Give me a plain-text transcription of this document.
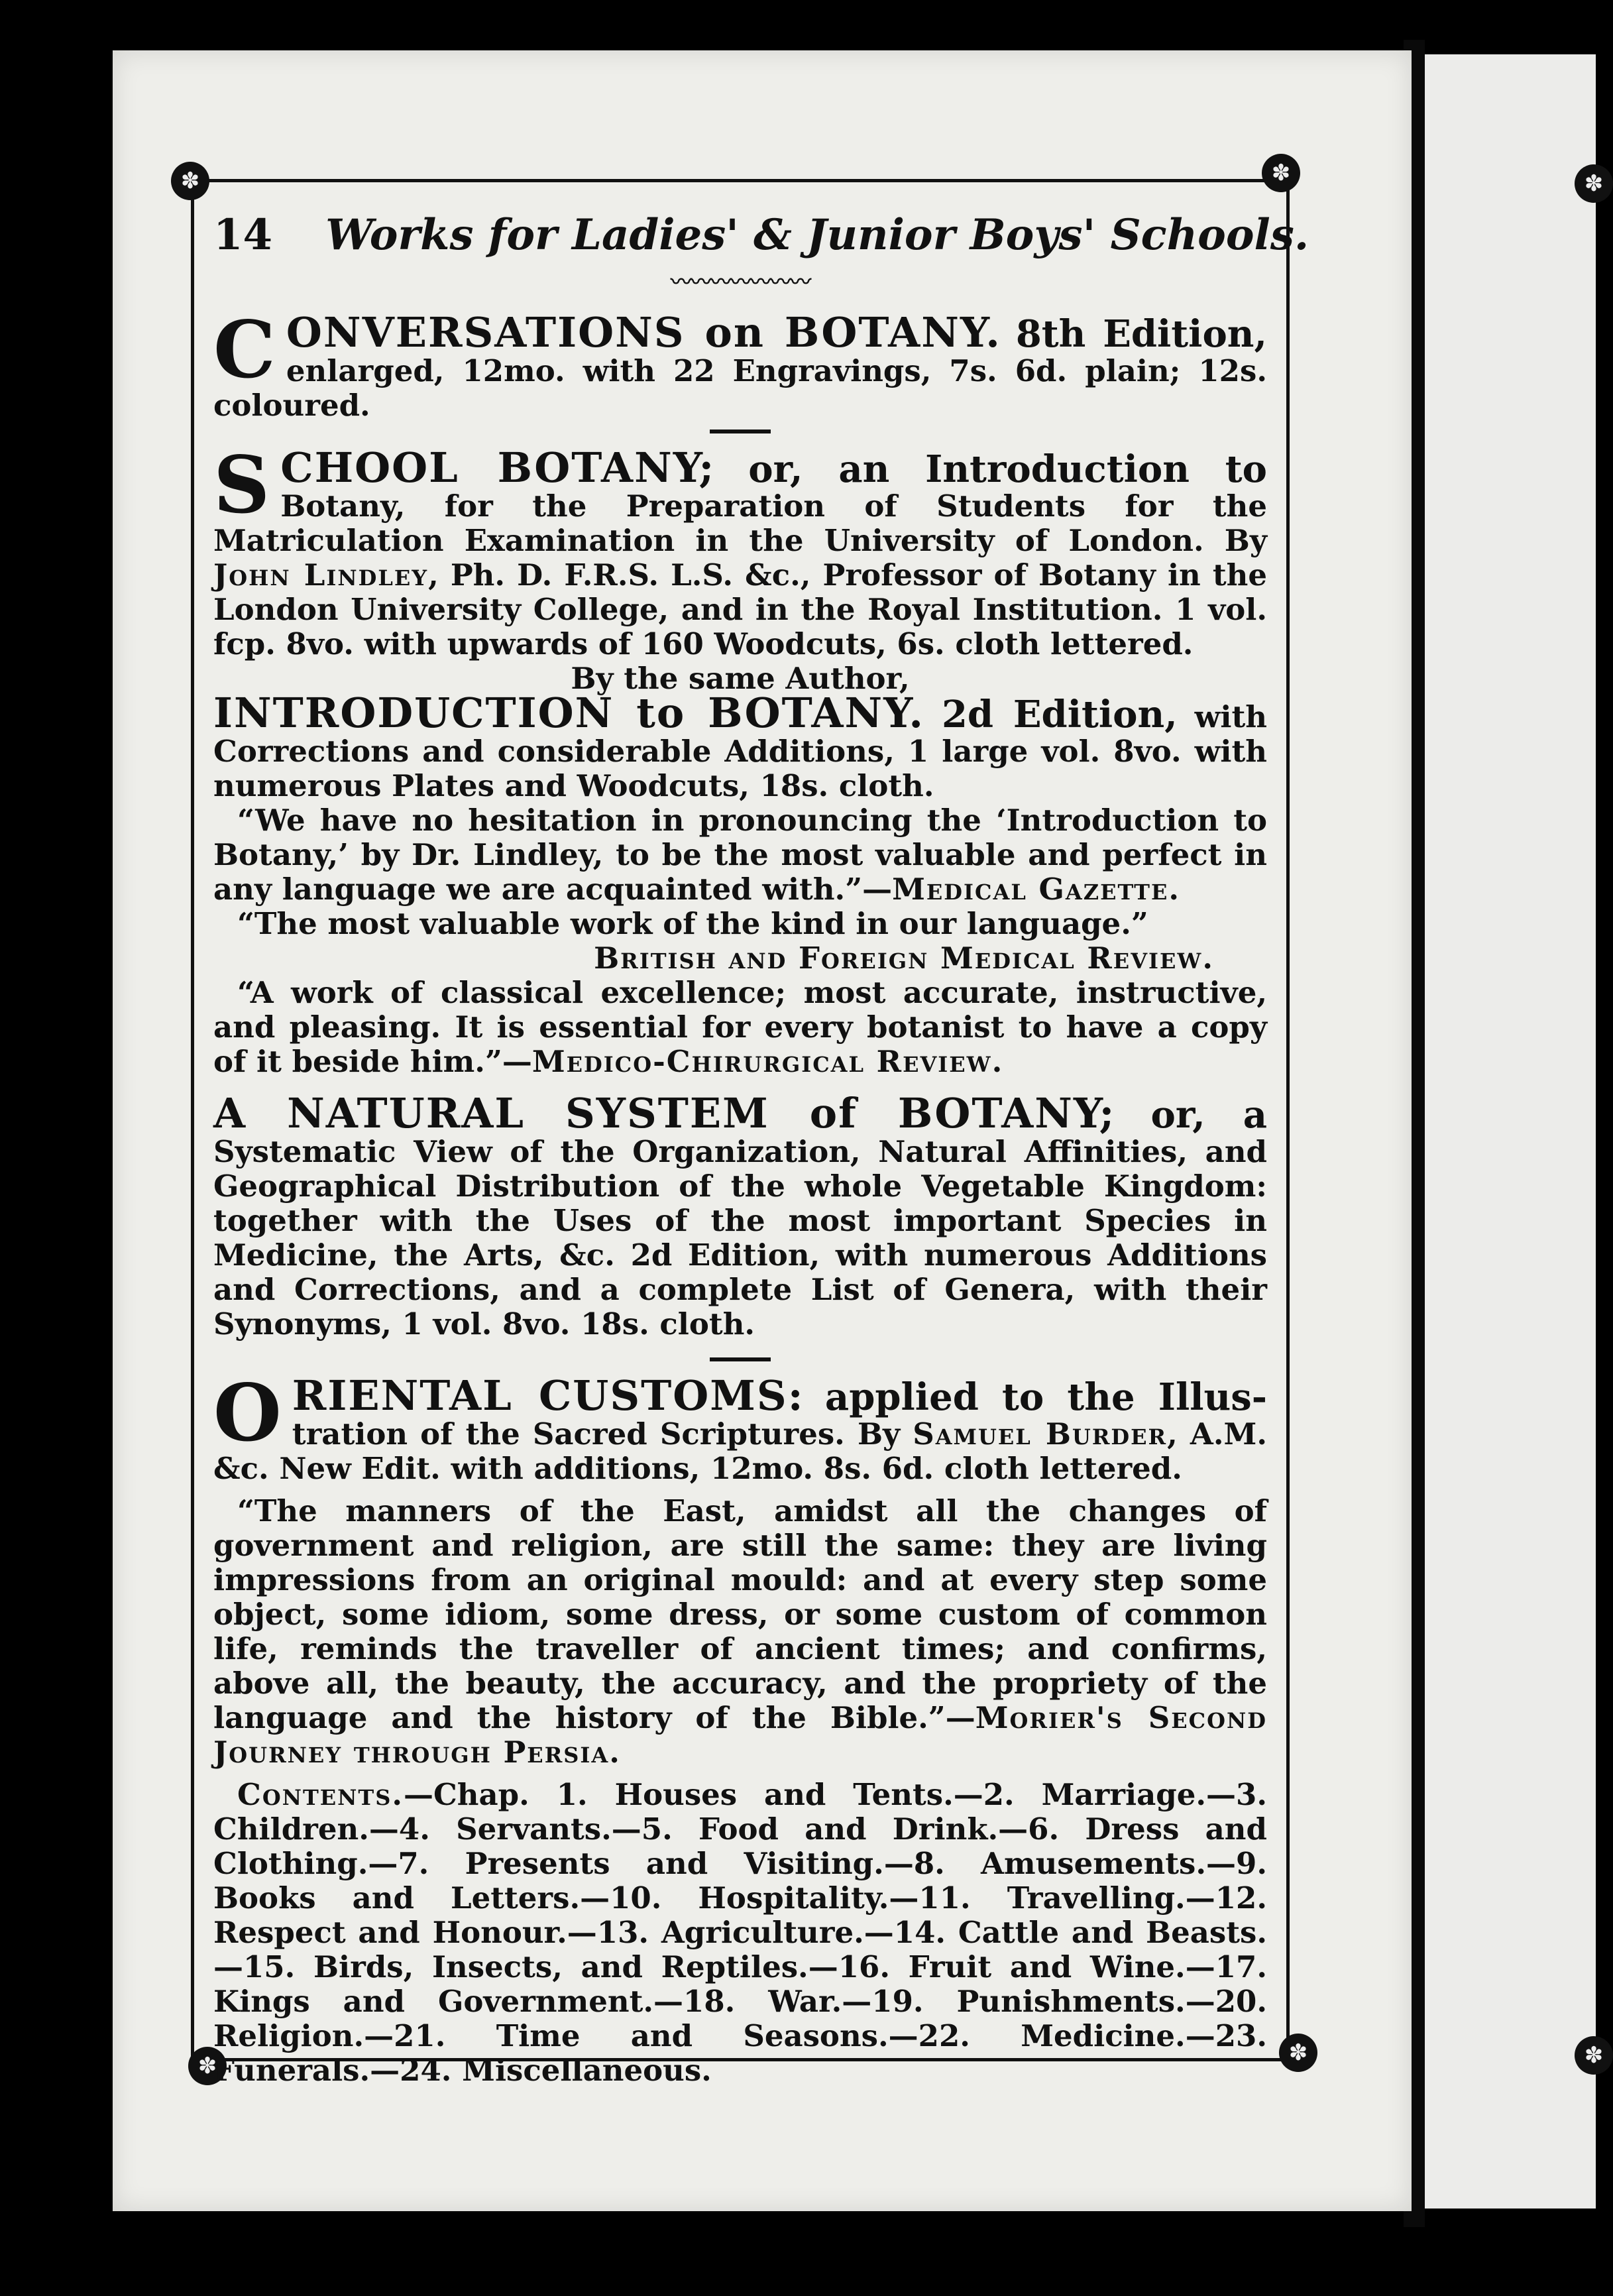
✽	✽
✽	✽
✽
✽
14 Works for Ladies' & Junior Boys' Schools.
〰〰〰〰〰〰〰

C ONVERSATIONS on BOTANY. 8th Edition, enlarged, 12mo. with 22 Engravings, 7s. 6d. plain; 12s. coloured.

S CHOOL BOTANY; or, an Introduction to Botany, for the Preparation of Students for the Matriculation Examination in the University of London. By John Lindley, Ph. D. F.R.S. L.S. &c., Professor of Botany in the London University College, and in the Royal Institution. 1 vol. fcp. 8vo. with upwards of 160 Woodcuts, 6s. cloth lettered.

By the same Author,

INTRODUCTION to BOTANY. 2d Edition, with Corrections and considerable Additions, 1 large vol. 8vo. with numerous Plates and Woodcuts, 18s. cloth.

“We have no hesitation in pronouncing the ‘Introduction to Botany,’ by Dr. Lindley, to be the most valuable and perfect in any language we are acquainted with.”—Medical Gazette.

“The most valuable work of the kind in our language.”

British and Foreign Medical Review.

“A work of classical excellence; most accurate, instructive, and pleasing. It is essential for every botanist to have a copy of it beside him.”—Medico-Chirurgical Review.

A NATURAL SYSTEM of BOTANY; or, a Systematic View of the Organization, Natural Affinities, and Geographical Distribution of the whole Vegetable Kingdom: together with the Uses of the most important Species in Medicine, the Arts, &c. 2d Edition, with numerous Additions and Corrections, and a complete List of Genera, with their Synonyms, 1 vol. 8vo. 18s. cloth.

O RIENTAL CUSTOMS: applied to the Illus- tration of the Sacred Scriptures. By Samuel Burder, A.M. &c. New Edit. with additions, 12mo. 8s. 6d. cloth lettered.

“The manners of the East, amidst all the changes of government and religion, are still the same: they are living impressions from an original mould: and at every step some object, some idiom, some dress, or some custom of common life, reminds the traveller of ancient times; and confirms, above all, the beauty, the accuracy, and the propriety of the language and the history of the Bible.”—Morier's Second Journey through Persia.

Contents.—Chap. 1. Houses and Tents.—2. Marriage.—3. Children.—4. Servants.—5. Food and Drink.—6. Dress and Clothing.—7. Presents and Visiting.—8. Amusements.—9. Books and Letters.—10. Hospitality.—11. Travelling.—12. Respect and Honour.—13. Agriculture.—14. Cattle and Beasts.—15. Birds, Insects, and Reptiles.—16. Fruit and Wine.—17. Kings and Government.—18. War.—19. Punishments.—20. Religion.—21. Time and Seasons.—22. Medicine.—23. Funerals.—24. Miscellaneous.
